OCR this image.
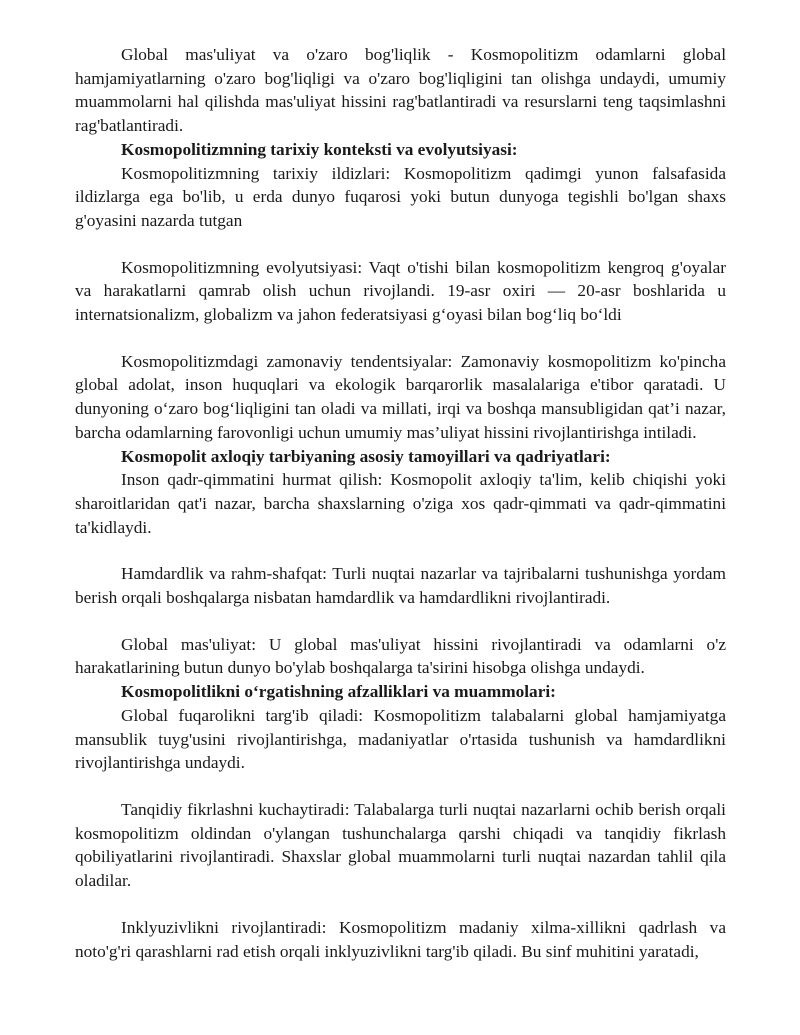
Global mas'uliyat va o'zaro bog'liqlik - Kosmopolitizm odamlarni global hamjamiyatlarning o'zaro bog'liqligi va o'zaro bog'liqligini tan olishga undaydi, umumiy muammolarni hal qilishda mas'uliyat hissini rag'batlantiradi va resurslarni teng taqsimlashni rag'batlantiradi.

Kosmopolitizmning tarixiy konteksti va evolyutsiyasi:

Kosmopolitizmning tarixiy ildizlari: Kosmopolitizm qadimgi yunon falsafasida ildizlarga ega bo'lib, u erda dunyo fuqarosi yoki butun dunyoga tegishli bo'lgan shaxs g'oyasini nazarda tutgan

Kosmopolitizmning evolyutsiyasi: Vaqt o'tishi bilan kosmopolitizm kengroq g'oyalar va harakatlarni qamrab olish uchun rivojlandi. 19-asr oxiri — 20-asr boshlarida u internatsionalizm, globalizm va jahon federatsiyasi g‘oyasi bilan bog‘liq bo‘ldi

Kosmopolitizmdagi zamonaviy tendentsiyalar: Zamonaviy kosmopolitizm ko'pincha global adolat, inson huquqlari va ekologik barqarorlik masalalariga e'tibor qaratadi. U dunyoning o‘zaro bog‘liqligini tan oladi va millati, irqi va boshqa mansubligidan qat’i nazar, barcha odamlarning farovonligi uchun umumiy mas’uliyat hissini rivojlantirishga intiladi.

Kosmopolit axloqiy tarbiyaning asosiy tamoyillari va qadriyatlari:

Inson qadr-qimmatini hurmat qilish: Kosmopolit axloqiy ta'lim, kelib chiqishi yoki sharoitlaridan qat'i nazar, barcha shaxslarning o'ziga xos qadr-qimmati va qadr-qimmatini ta'kidlaydi.

Hamdardlik va rahm-shafqat: Turli nuqtai nazarlar va tajribalarni tushunishga yordam berish orqali boshqalarga nisbatan hamdardlik va hamdardlikni rivojlantiradi.

Global mas'uliyat: U global mas'uliyat hissini rivojlantiradi va odamlarni o'z harakatlarining butun dunyo bo'ylab boshqalarga ta'sirini hisobga olishga undaydi.

Kosmopolitlikni o‘rgatishning afzalliklari va muammolari:

Global fuqarolikni targ'ib qiladi: Kosmopolitizm talabalarni global hamjamiyatga mansublik tuyg'usini rivojlantirishga, madaniyatlar o'rtasida tushunish va hamdardlikni rivojlantirishga undaydi.

Tanqidiy fikrlashni kuchaytiradi: Talabalarga turli nuqtai nazarlarni ochib berish orqali kosmopolitizm oldindan o'ylangan tushunchalarga qarshi chiqadi va tanqidiy fikrlash qobiliyatlarini rivojlantiradi. Shaxslar global muammolarni turli nuqtai nazardan tahlil qila oladilar.

Inklyuzivlikni rivojlantiradi: Kosmopolitizm madaniy xilma-xillikni qadrlash va noto'g'ri qarashlarni rad etish orqali inklyuzivlikni targ'ib qiladi. Bu sinf muhitini yaratadi,
